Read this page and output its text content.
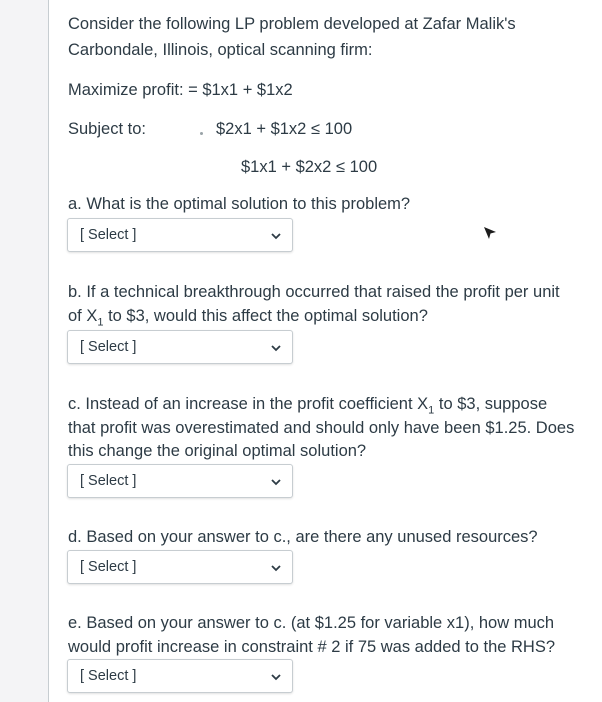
Consider the following LP problem developed at Zafar Malik's
Carbondale, Illinois, optical scanning firm:
Maximize profit: = $1x1 + $1x2
Subject to:	$2x1 + $1x2 ≤ 100
$1x1 + $2x2 ≤ 100
a. What is the optimal solution to this problem?
[ Select ]
b. If a technical breakthrough occurred that raised the profit per unit
of $X_1$ to $3, would this affect the optimal solution?
[ Select ]
c. Instead of an increase in the profit coefficient $X_1$ to $3, suppose
that profit was overestimated and should only have been $1.25. Does
this change the original optimal solution?
[ Select ]
d. Based on your answer to c., are there any unused resources?
[ Select ]
e. Based on your answer to c. (at $1.25 for variable x1), how much
would profit increase in constraint # 2 if 75 was added to the RHS?
[ Select ]
